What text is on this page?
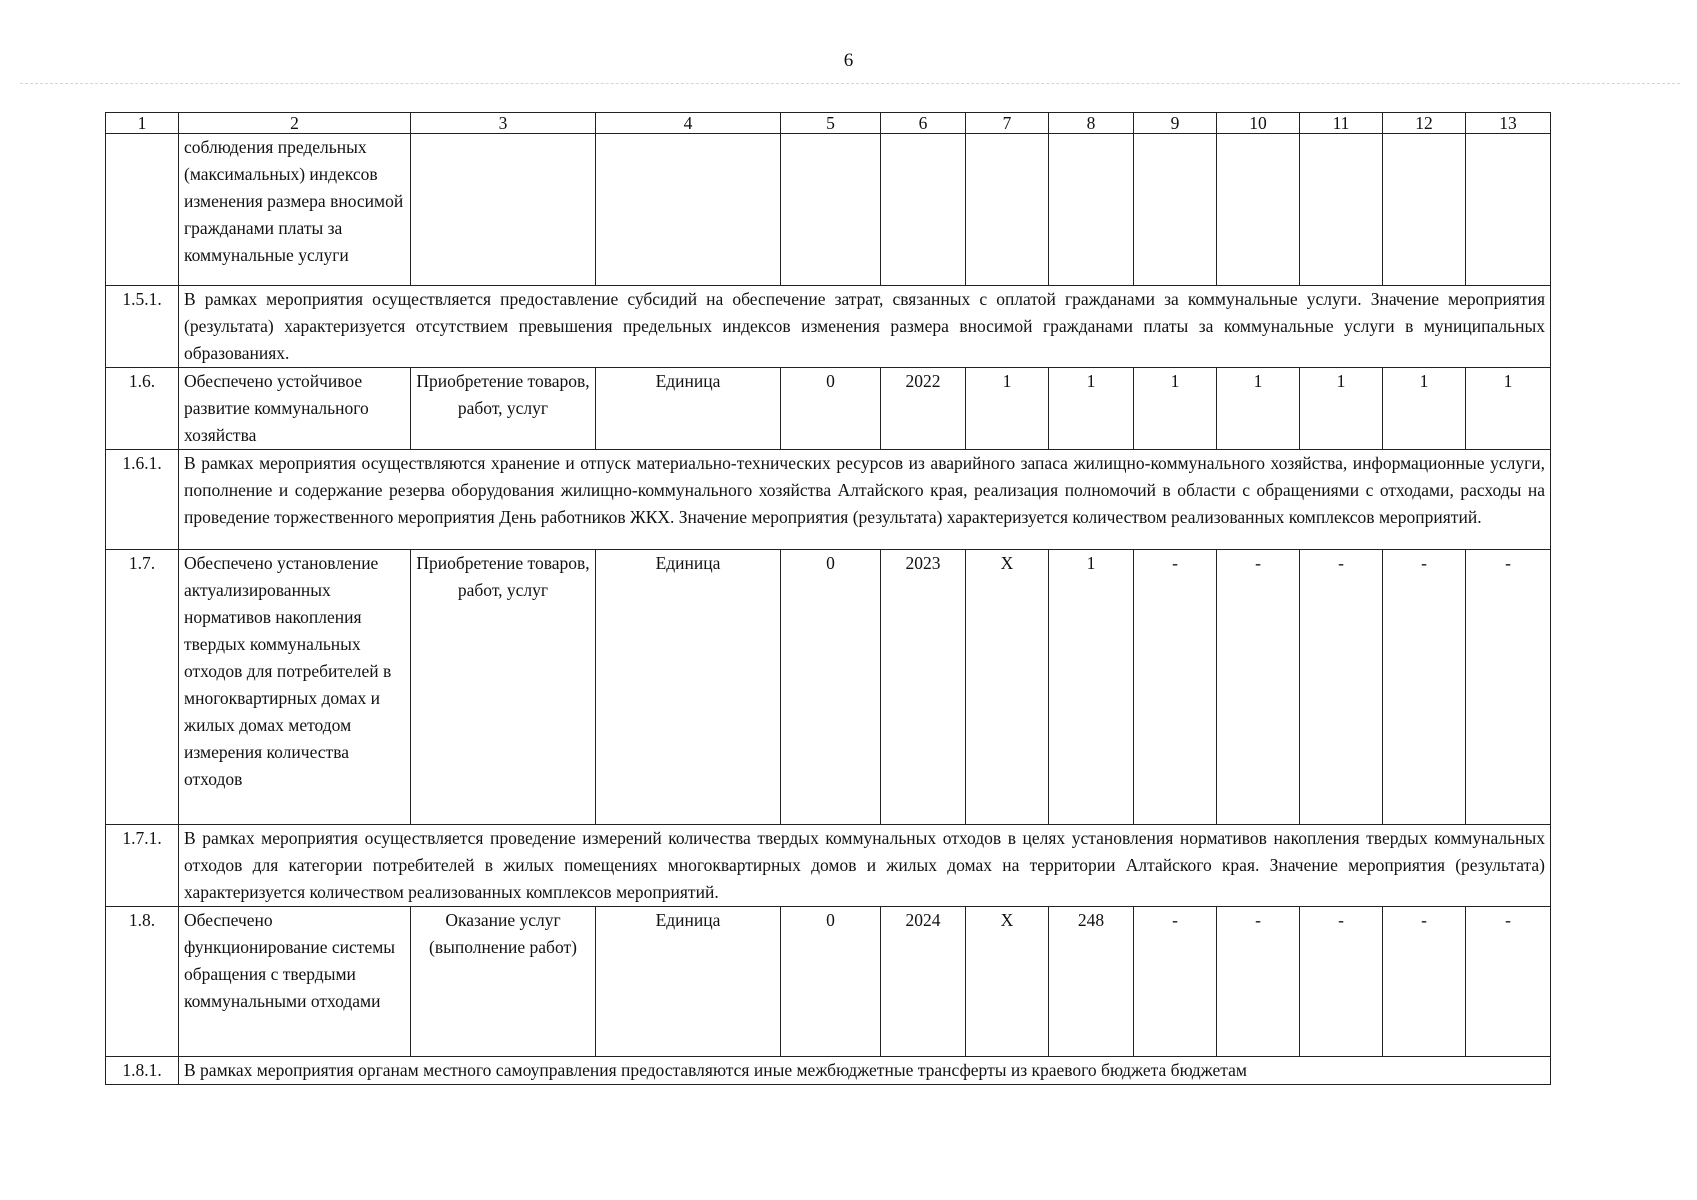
6
1	2	3	4	5	6	7	8	9	10	11	12	13
	соблюдения предельных (максимальных) индексов изменения размера вносимой гражданами платы за коммунальные услуги											
1.5.1.	В рамках мероприятия осуществляется предоставление субсидий на обеспечение затрат, связанных с оплатой гражданами за коммунальные услуги. Значение мероприятия (результата) характеризуется отсутствием превышения предельных индексов изменения размера вносимой гражданами платы за коммунальные услуги в муниципальных образованиях.											
1.6.	Обеспечено устойчивое развитие коммунального хозяйства	Приобретение товаров, работ, услуг	Единица	0	2022	1	1	1	1	1	1	1
1.6.1.	В рамках мероприятия осуществляются хранение и отпуск материально-технических ресурсов из аварийного запаса жилищно-коммунального хозяйства, информационные услуги, пополнение и содержание резерва оборудования жилищно-коммунального хозяйства Алтайского края, реализация полномочий в области с обращениями с отходами, расходы на проведение торжественного мероприятия День работников ЖКХ. Значение мероприятия (результата) характеризуется количеством реализованных комплексов мероприятий.											
1.7.	Обеспечено установление актуализированных нормативов накопления твердых коммунальных отходов для потребителей в многоквартирных домах и жилых домах методом измерения количества отходов	Приобретение товаров, работ, услуг	Единица	0	2023	Х	1	-	-	-	-	-
1.7.1.	В рамках мероприятия осуществляется проведение измерений количества твердых коммунальных отходов в целях установления нормативов накопления твердых коммунальных отходов для категории потребителей в жилых помещениях многоквартирных домов и жилых домах на территории Алтайского края. Значение мероприятия (результата) характеризуется количеством реализованных комплексов мероприятий.											
1.8.	Обеспечено функционирование системы обращения с твердыми коммунальными отходами	Оказание услуг (выполнение работ)	Единица	0	2024	Х	248	-	-	-	-	-
1.8.1.	В рамках мероприятия органам местного самоуправления предоставляются иные межбюджетные трансферты из краевого бюджета бюджетам											
